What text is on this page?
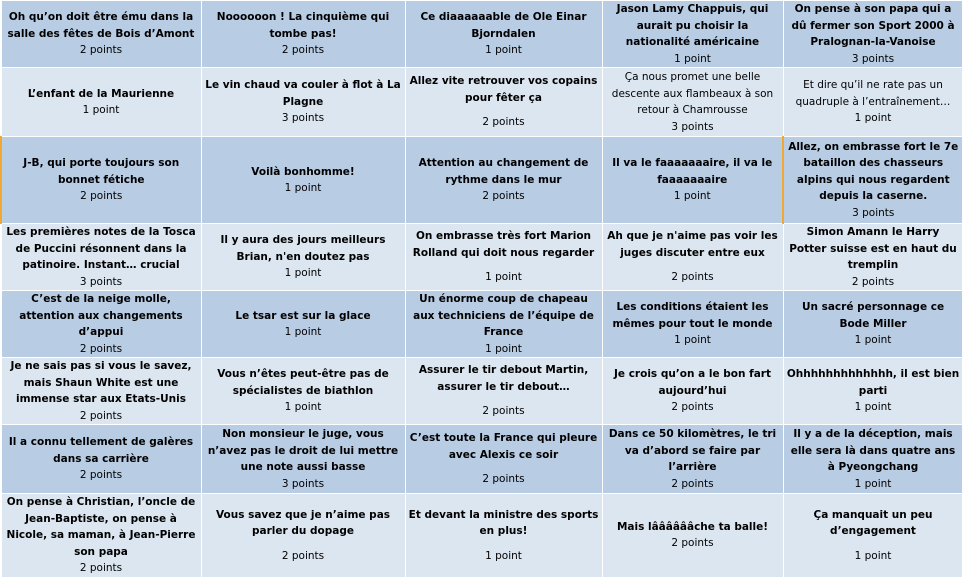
Oh qu’on doit être ému dans la salle des fêtes de Bois d’Amont
2 points	Noooooon ! La cinquième qui tombe pas!
2 points	Ce diaaaaaable de Ole Einar Bjorndalen
1 point	Jason Lamy Chappuis, qui aurait pu choisir la nationalité américaine
1 point	On pense à son papa qui a dû fermer son Sport 2000 à Pralognan-la-Vanoise
3 points

L’enfant de la Maurienne
1 point	Le vin chaud va couler à flot à La Plagne
3 points	Allez vite retrouver vos copains pour fêter ça
2 points	Ça nous promet une belle descente aux flambeaux à son retour à Chamrousse
3 points	Et dire qu’il ne rate pas un quadruple à l’entraînement…
1 point

J-B, qui porte toujours son bonnet fétiche
2 points	Voilà bonhomme!
1 point	Attention au changement de rythme dans le mur
2 points	Il va le faaaaaaaire, il va le faaaaaaaire
1 point	Allez, on embrasse fort le 7e bataillon des chasseurs alpins qui nous regardent depuis la caserne.
3 points

Les premières notes de la Tosca de Puccini résonnent dans la patinoire. Instant… crucial
3 points	Il y aura des jours meilleurs Brian, n'en doutez pas
1 point	On embrasse très fort Marion Rolland qui doit nous regarder
1 point	Ah que je n'aime pas voir les juges discuter entre eux
2 points	Simon Amann le Harry Potter suisse est en haut du tremplin
2 points

C’est de la neige molle, attention aux changements d’appui
2 points	Le tsar est sur la glace
1 point	Un énorme coup de chapeau aux techniciens de l’équipe de France
1 point	Les conditions étaient les mêmes pour tout le monde
1 point	Un sacré personnage ce Bode Miller
1 point

Je ne sais pas si vous le savez, mais Shaun White est une immense star aux Etats-Unis
2 points	Vous n’êtes peut-être pas de spécialistes de biathlon
1 point	Assurer le tir debout Martin, assurer le tir debout…
2 points	Je crois qu’on a le bon fart aujourd’hui
2 points	Ohhhhhhhhhhhhh, il est bien parti
1 point

Il a connu tellement de galères dans sa carrière
2 points	Non monsieur le juge, vous n’avez pas le droit de lui mettre une note aussi basse
3 points	C’est toute la France qui pleure avec Alexis ce soir
2 points	Dans ce 50 kilomètres, le tri va d’abord se faire par l’arrière
2 points	Il y a de la déception, mais elle sera là dans quatre ans à Pyeongchang
1 point

On pense à Christian, l’oncle de Jean-Baptiste, on pense à Nicole, sa maman, à Jean-Pierre son papa
2 points	Vous savez que je n’aime pas parler du dopage
2 points	Et devant la ministre des sports en plus!
1 point	Mais lââââââche ta balle!
2 points	Ça manquait un peu d’engagement
1 point
